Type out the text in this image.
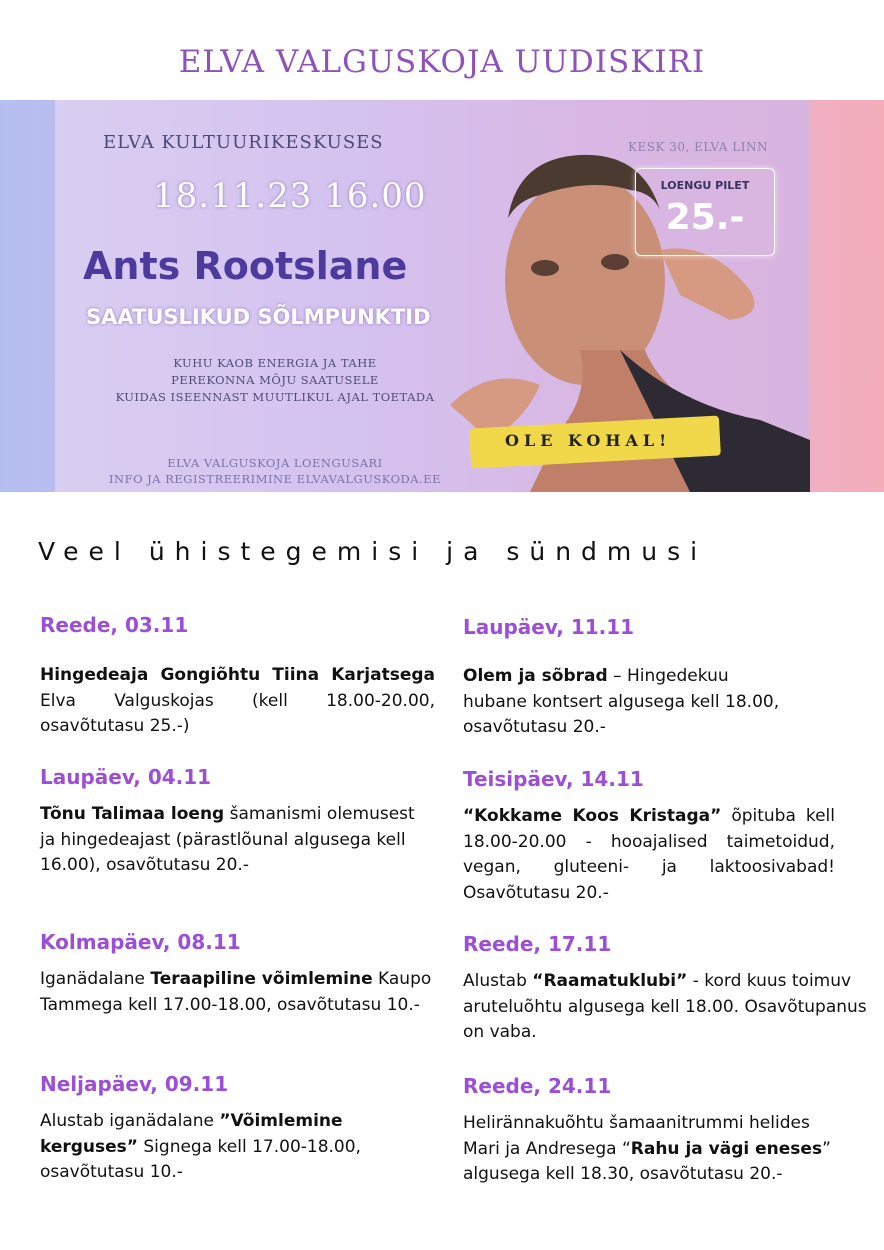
ELVA VALGUSKOJA UUDISKIRI
ELVA KULTUURIKESKUSES
18.11.23 16.00
Ants Rootslane
SAATUSLIKUD SÕLMPUNKTID
KUHU KAOB ENERGIA JA TAHE
PEREKONNA MÕJU SAATUSELE
KUIDAS ISEENNAST MUUTLIKUL AJAL TOETADA
ELVA VALGUSKOJA LOENGUSARI
INFO JA REGISTREERIMINE ELVAVALGUSKODA.EE
KESK 30, ELVA LINN
OLE KOHAL!
LOENGU PILET
25.-
Veel ühistegemisi ja sündmusi

Reede, 03.11

Hingedeaja Gongiõhtu Tiina Karjatsega Elva Valguskojas (kell 18.00-20.00, osavõtutasu 25.-)

Laupäev, 04.11

Tõnu Talimaa loeng šamanismi olemusest ja hingedeajast (pärastlõunal algusega kell 16.00), osavõtutasu 20.-

Kolmapäev, 08.11

Iganädalane Teraapiline võimlemine Kaupo Tammega kell 17.00-18.00, osavõtutasu 10.-

Neljapäev, 09.11

Alustab iganädalane ”Võimlemine kerguses” Signega kell 17.00-18.00, osavõtutasu 10.-

Laupäev, 11.11

Olem ja sõbrad – Hingedekuu hubane kontsert algusega kell 18.00, osavõtutasu 20.-

Teisipäev, 14.11

“Kokkame Koos Kristaga” õpituba kell 18.00-20.00 - hooajalised taimetoidud, vegan, gluteeni- ja laktoosivabad! Osavõtutasu 20.-

Reede, 17.11

Alustab “Raamatuklubi” - kord kuus toimuv aruteluõhtu algusega kell 18.00. Osavõtupanus on vaba.

Reede, 24.11

Helirännakuõhtu šamaanitrummi helides Mari ja Andresega “Rahu ja vägi eneses” algusega kell 18.30, osavõtutasu 20.-
